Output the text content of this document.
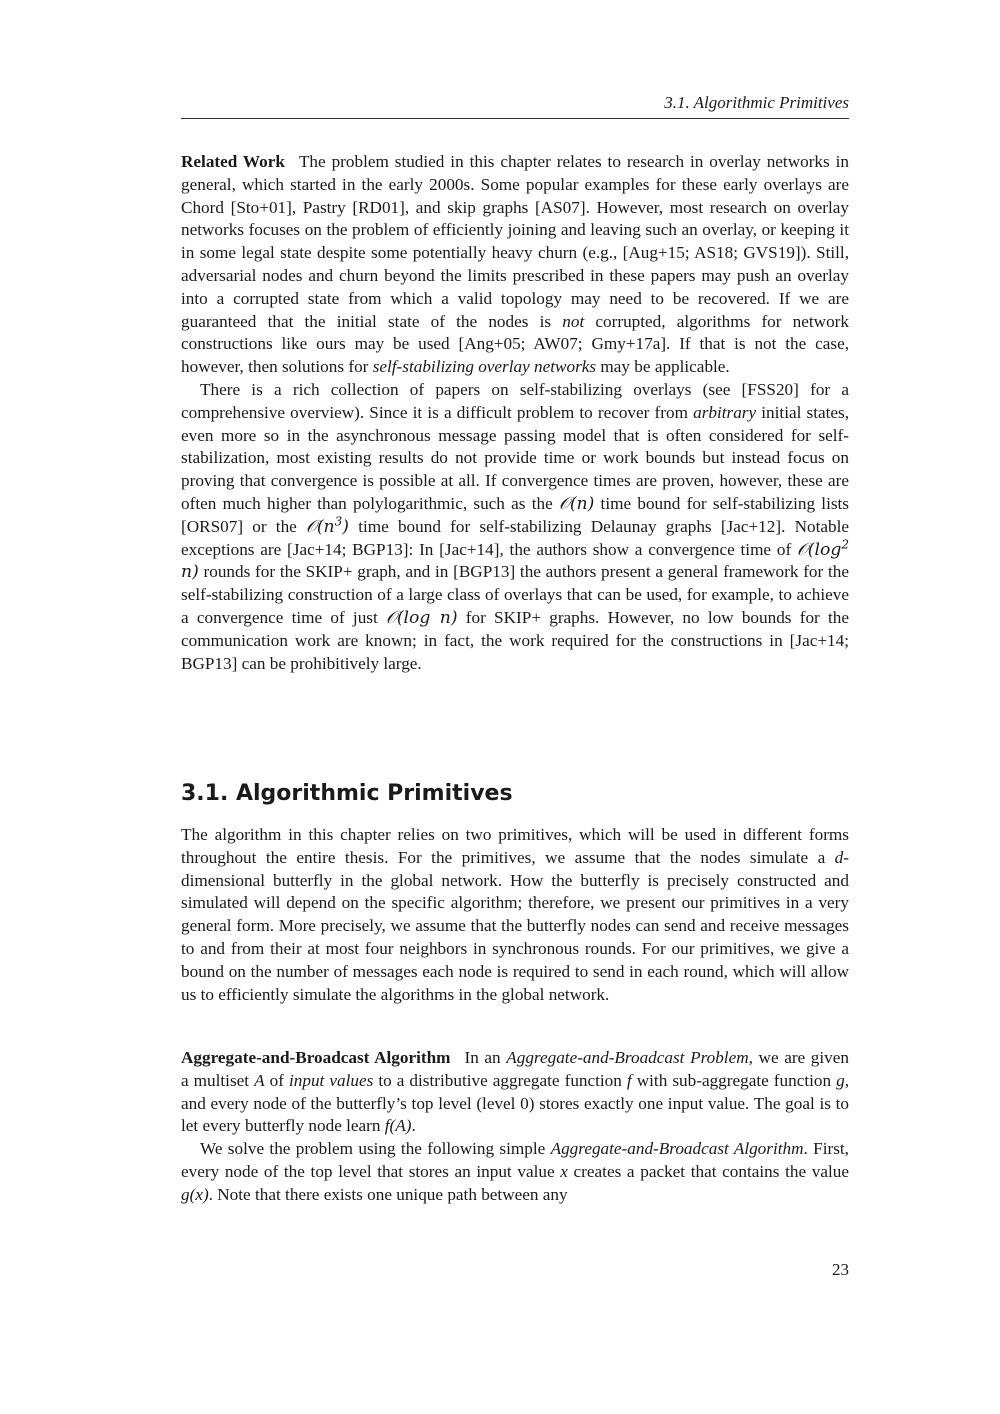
3.1. Algorithmic Primitives

Related Work The problem studied in this chapter relates to research in overlay networks in general, which started in the early 2000s. Some popular examples for these early overlays are Chord [Sto+01], Pastry [RD01], and skip graphs [AS07]. However, most research on overlay networks focuses on the problem of efficiently joining and leaving such an overlay, or keeping it in some legal state despite some potentially heavy churn (e.g., [Aug+15; AS18; GVS19]). Still, adversarial nodes and churn beyond the limits prescribed in these papers may push an overlay into a corrupted state from which a valid topology may need to be recovered. If we are guaranteed that the initial state of the nodes is not corrupted, algorithms for network constructions like ours may be used [Ang+05; AW07; Gmy+17a]. If that is not the case, however, then solutions for self-stabilizing overlay networks may be applicable.

There is a rich collection of papers on self-stabilizing overlays (see [FSS20] for a comprehensive overview). Since it is a difficult problem to recover from arbitrary initial states, even more so in the asynchronous message passing model that is often considered for self-stabilization, most existing results do not provide time or work bounds but instead focus on proving that convergence is possible at all. If convergence times are proven, however, these are often much higher than polylogarithmic, such as the 𝒪(n) time bound for self-stabilizing lists [ORS07] or the $𝒪(n^3)$ time bound for self-stabilizing Delaunay graphs [Jac+12]. Notable exceptions are [Jac+14; BGP13]: In [Jac+14], the authors show a convergence time of $𝒪(\log^2$ n) rounds for the SKIP+ graph, and in [BGP13] the authors present a general framework for the self-stabilizing construction of a large class of overlays that can be used, for example, to achieve a convergence time of just 𝒪(log n) for SKIP+ graphs. However, no low bounds for the communication work are known; in fact, the work required for the constructions in [Jac+14; BGP13] can be prohibitively large.

3.1. Algorithmic Primitives

The algorithm in this chapter relies on two primitives, which will be used in different forms throughout the entire thesis. For the primitives, we assume that the nodes simulate a d-dimensional butterfly in the global network. How the butterfly is precisely constructed and simulated will depend on the specific algorithm; therefore, we present our primitives in a very general form. More precisely, we assume that the butterfly nodes can send and receive messages to and from their at most four neighbors in synchronous rounds. For our primitives, we give a bound on the number of messages each node is required to send in each round, which will allow us to efficiently simulate the algorithms in the global network.

Aggregate-and-Broadcast Algorithm In an Aggregate-and-Broadcast Problem, we are given a multiset A of input values to a distributive aggregate function f with sub-aggregate function g, and every node of the butterfly’s top level (level 0) stores exactly one input value. The goal is to let every butterfly node learn f(A).

We solve the problem using the following simple Aggregate-and-Broadcast Algorithm. First, every node of the top level that stores an input value x creates a packet that contains the value g(x). Note that there exists one unique path between any

23
